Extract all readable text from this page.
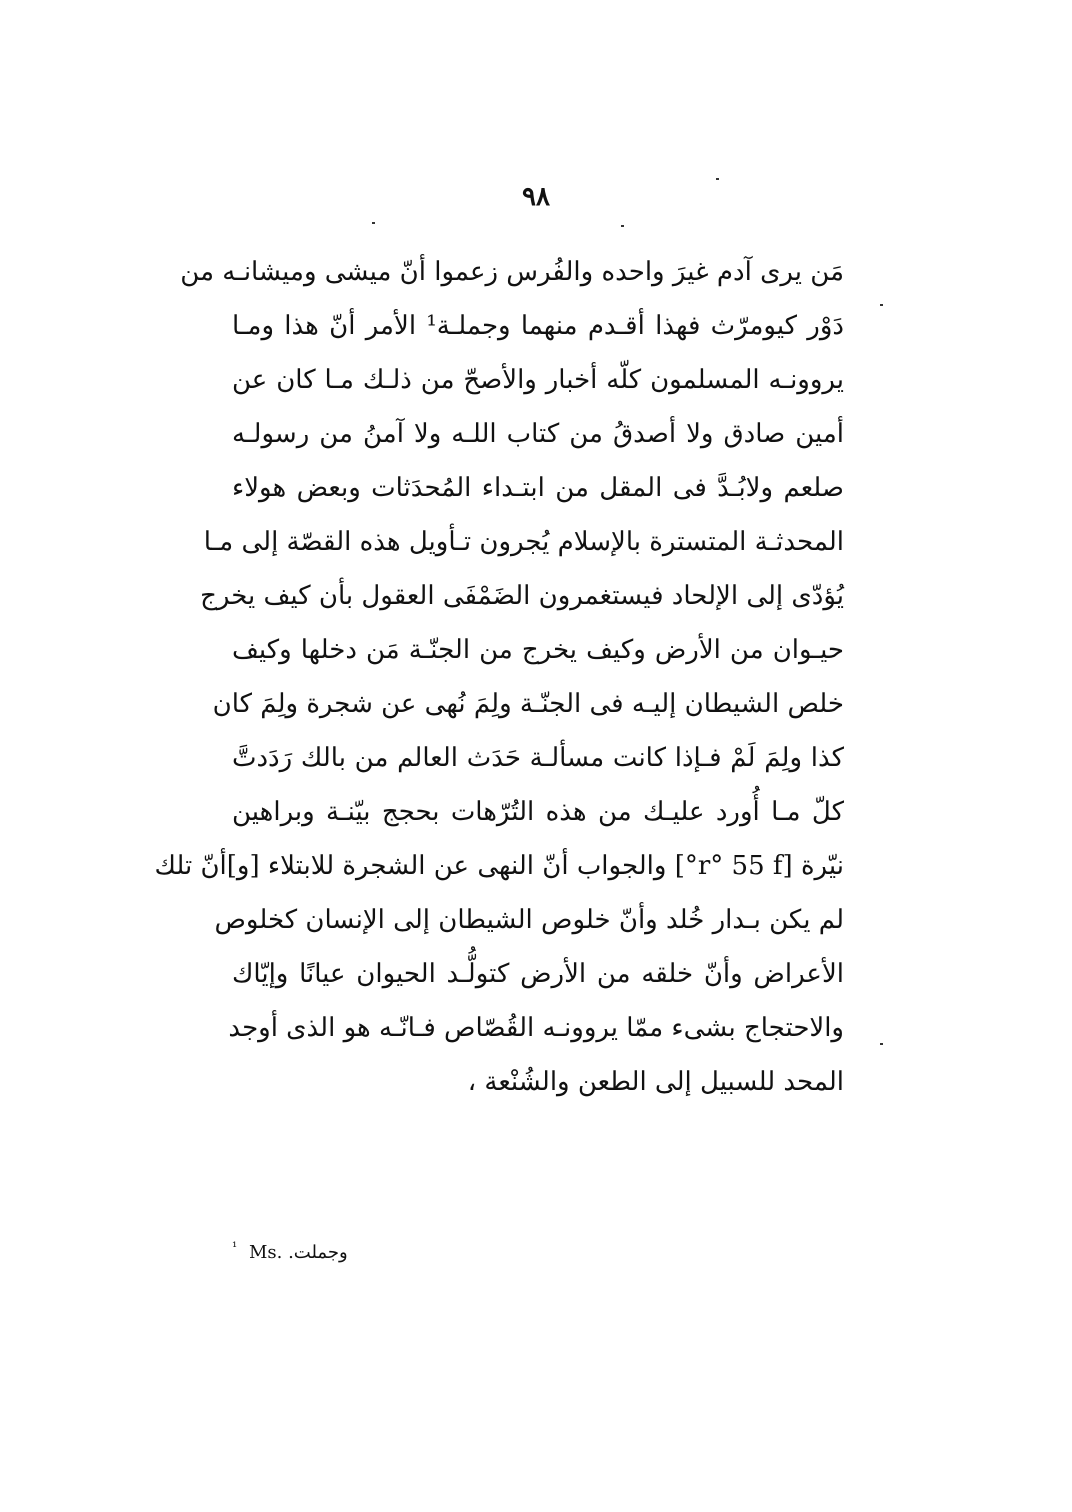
٩٨
مَن يرى آدم غيرَ واحده والفُرس زعموا أنّ ميشى وميشانـه من
دَوْر كيومرّث فهذا أقـدم منهما وجملـة¹ الأمر أنّ هذا ومـا
يروونـه المسلمون كلّه أخبار والأصحّ من ذلـك مـا كان عن
أمين صادق ولا أصدقُ من كتاب اللـه ولا آمنُ من رسولـه
صلعم ولابُـدَّ فى المقل من ابتـداء المُحدَثات وبعض هولاء
المحدثـة المتسترة بالإسلام يُجرون تـأويل هذه القصّة إلى مـا
يُؤدّى إلى الإلحاد فيستغمرون الضَمْفَى العقول بأن كيف يخرج
حيـوان من الأرض وكيف يخرج من الجنّـة مَن دخلها وكيف
خلص الشيطان إليـه فى الجنّـة ولِمَ نُهى عن شجرة ولِمَ كان
كذا ولِمَ لَمْ فـإذا كانت مسألـة حَدَث العالم من بالك رَدَدتَّ
كلّ مـا أُورد عليـك من هذه التُرّهات بحجج بيّنـة وبراهين
نيّرة [r° 55 f°] والجواب أنّ النهى عن الشجرة للابتلاء [و]أنّ تلك
لم يكن بـدار خُلد وأنّ خلوص الشيطان إلى الإنسان كخلوص
الأعراض وأنّ خلقه من الأرض كتولُّـد الحيوان عيانًا وإيّاك
والاحتجاج بشىء ممّا يروونـه القُصّاص فـانّـه هو الذى أوجد
المحد للسبيل إلى الطعن والشُنْعة ،
$^{^1}$ Ms. وجملت.
